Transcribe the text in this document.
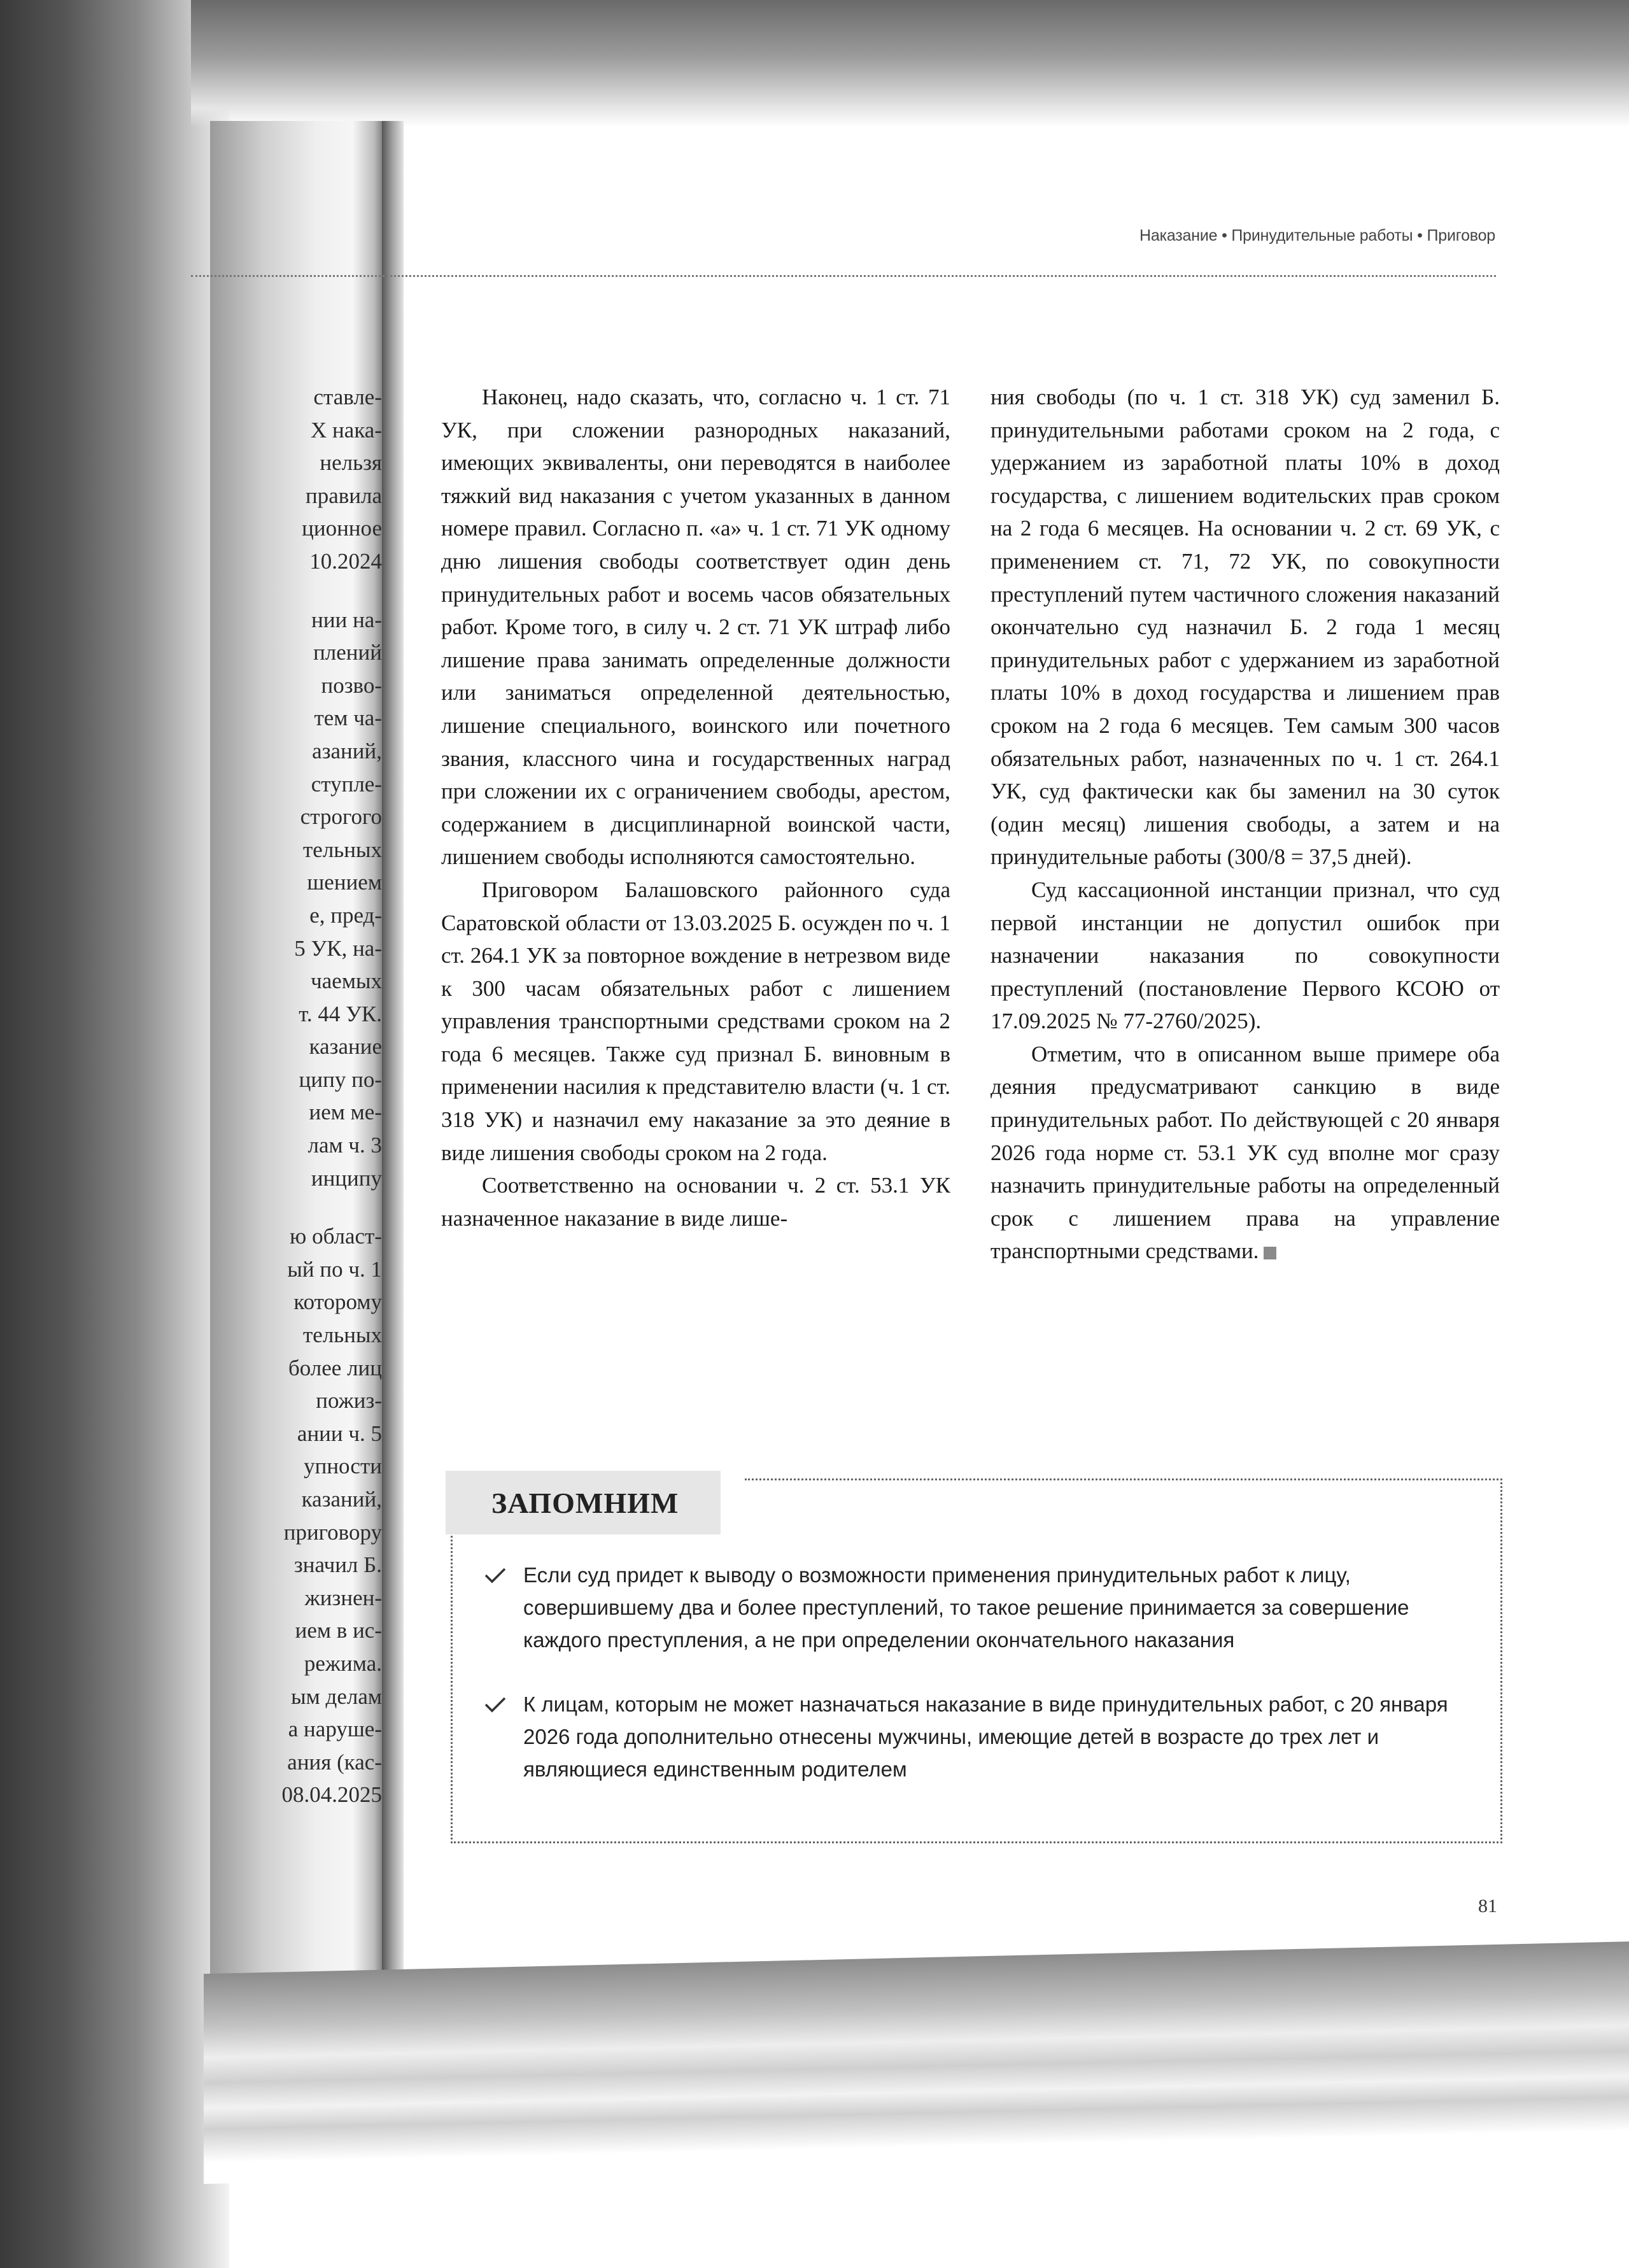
ставле-
Х нака-
нельзя
правила
ционное
10.2024
нии на-
плений
позво-
тем ча-
азаний,
ступле-
строгого
тельных
шением
е, пред-
5 УК, на-
чаемых
т. 44 УК.
казание
ципу по-
ием ме-
лам ч. 3
инципу
ю област-
ый по ч. 1
которому
тельных
более лиц
пожиз-
ании ч. 5
упности
казаний,
приговору
значил Б.
жизнен-
ием в ис-
режима.
ым делам
а наруше-
ания (кас-
08.04.2025
Наказание • Принудительные работы • Приговор

Наконец, надо сказать, что, согласно ч. 1 ст. 71 УК, при сложении разнородных наказаний, имеющих эквиваленты, они переводятся в наиболее тяжкий вид наказания с учетом указанных в данном номере правил. Согласно п. «а» ч. 1 ст. 71 УК одному дню лишения свободы соответствует один день принудительных работ и восемь часов обязательных работ. Кроме того, в силу ч. 2 ст. 71 УК штраф либо лишение права занимать определенные должности или заниматься определенной деятельностью, лишение специального, воинского или почетного звания, классного чина и государственных наград при сложении их с ограничением свободы, арестом, содержанием в дисциплинарной воинской части, лишением свободы исполняются самостоятельно.

Приговором Балашовского районного суда Саратовской области от 13.03.2025 Б. осужден по ч. 1 ст. 264.1 УК за повторное вождение в нетрезвом виде к 300 часам обязательных работ с лишением управления транспортными средствами сроком на 2 года 6 месяцев. Также суд признал Б. виновным в применении насилия к представителю власти (ч. 1 ст. 318 УК) и назначил ему наказание за это деяние в виде лишения свободы сроком на 2 года.

Соответственно на основании ч. 2 ст. 53.1 УК назначенное наказание в виде лише-

ния свободы (по ч. 1 ст. 318 УК) суд заменил Б. принудительными работами сроком на 2 года, с удержанием из заработной платы 10% в доход государства, с лишением водительских прав сроком на 2 года 6 месяцев. На основании ч. 2 ст. 69 УК, с применением ст. 71, 72 УК, по совокупности преступлений путем частичного сложения наказаний окончательно суд назначил Б. 2 года 1 месяц принудительных работ с удержанием из заработной платы 10% в доход государства и лишением прав сроком на 2 года 6 месяцев. Тем самым 300 часов обязательных работ, назначенных по ч. 1 ст. 264.1 УК, суд фактически как бы заменил на 30 суток (один месяц) лишения свободы, а затем и на принудительные работы (300/8 = 37,5 дней).

Суд кассационной инстанции признал, что суд первой инстанции не допустил ошибок при назначении наказания по совокупности преступлений (постановление Первого КСОЮ от 17.09.2025 № 77-2760/2025).

Отметим, что в описанном выше примере оба деяния предусматривают санкцию в виде принудительных работ. По действующей с 20 января 2026 года норме ст. 53.1 УК суд вполне мог сразу назначить принудительные работы на определенный срок с лишением права на управление транспортными средствами.

ЗАПОМНИМ
Если суд придет к выводу о возможности применения принудительных работ к лицу, совершившему два и более преступлений, то такое решение принимается за совершение каждого преступления, а не при определении окончательного наказания
К лицам, которым не может назначаться наказание в виде принудительных работ, с 20 января 2026 года дополнительно отнесены мужчины, имеющие детей в возрасте до трех лет и являющиеся единственным родителем
81
